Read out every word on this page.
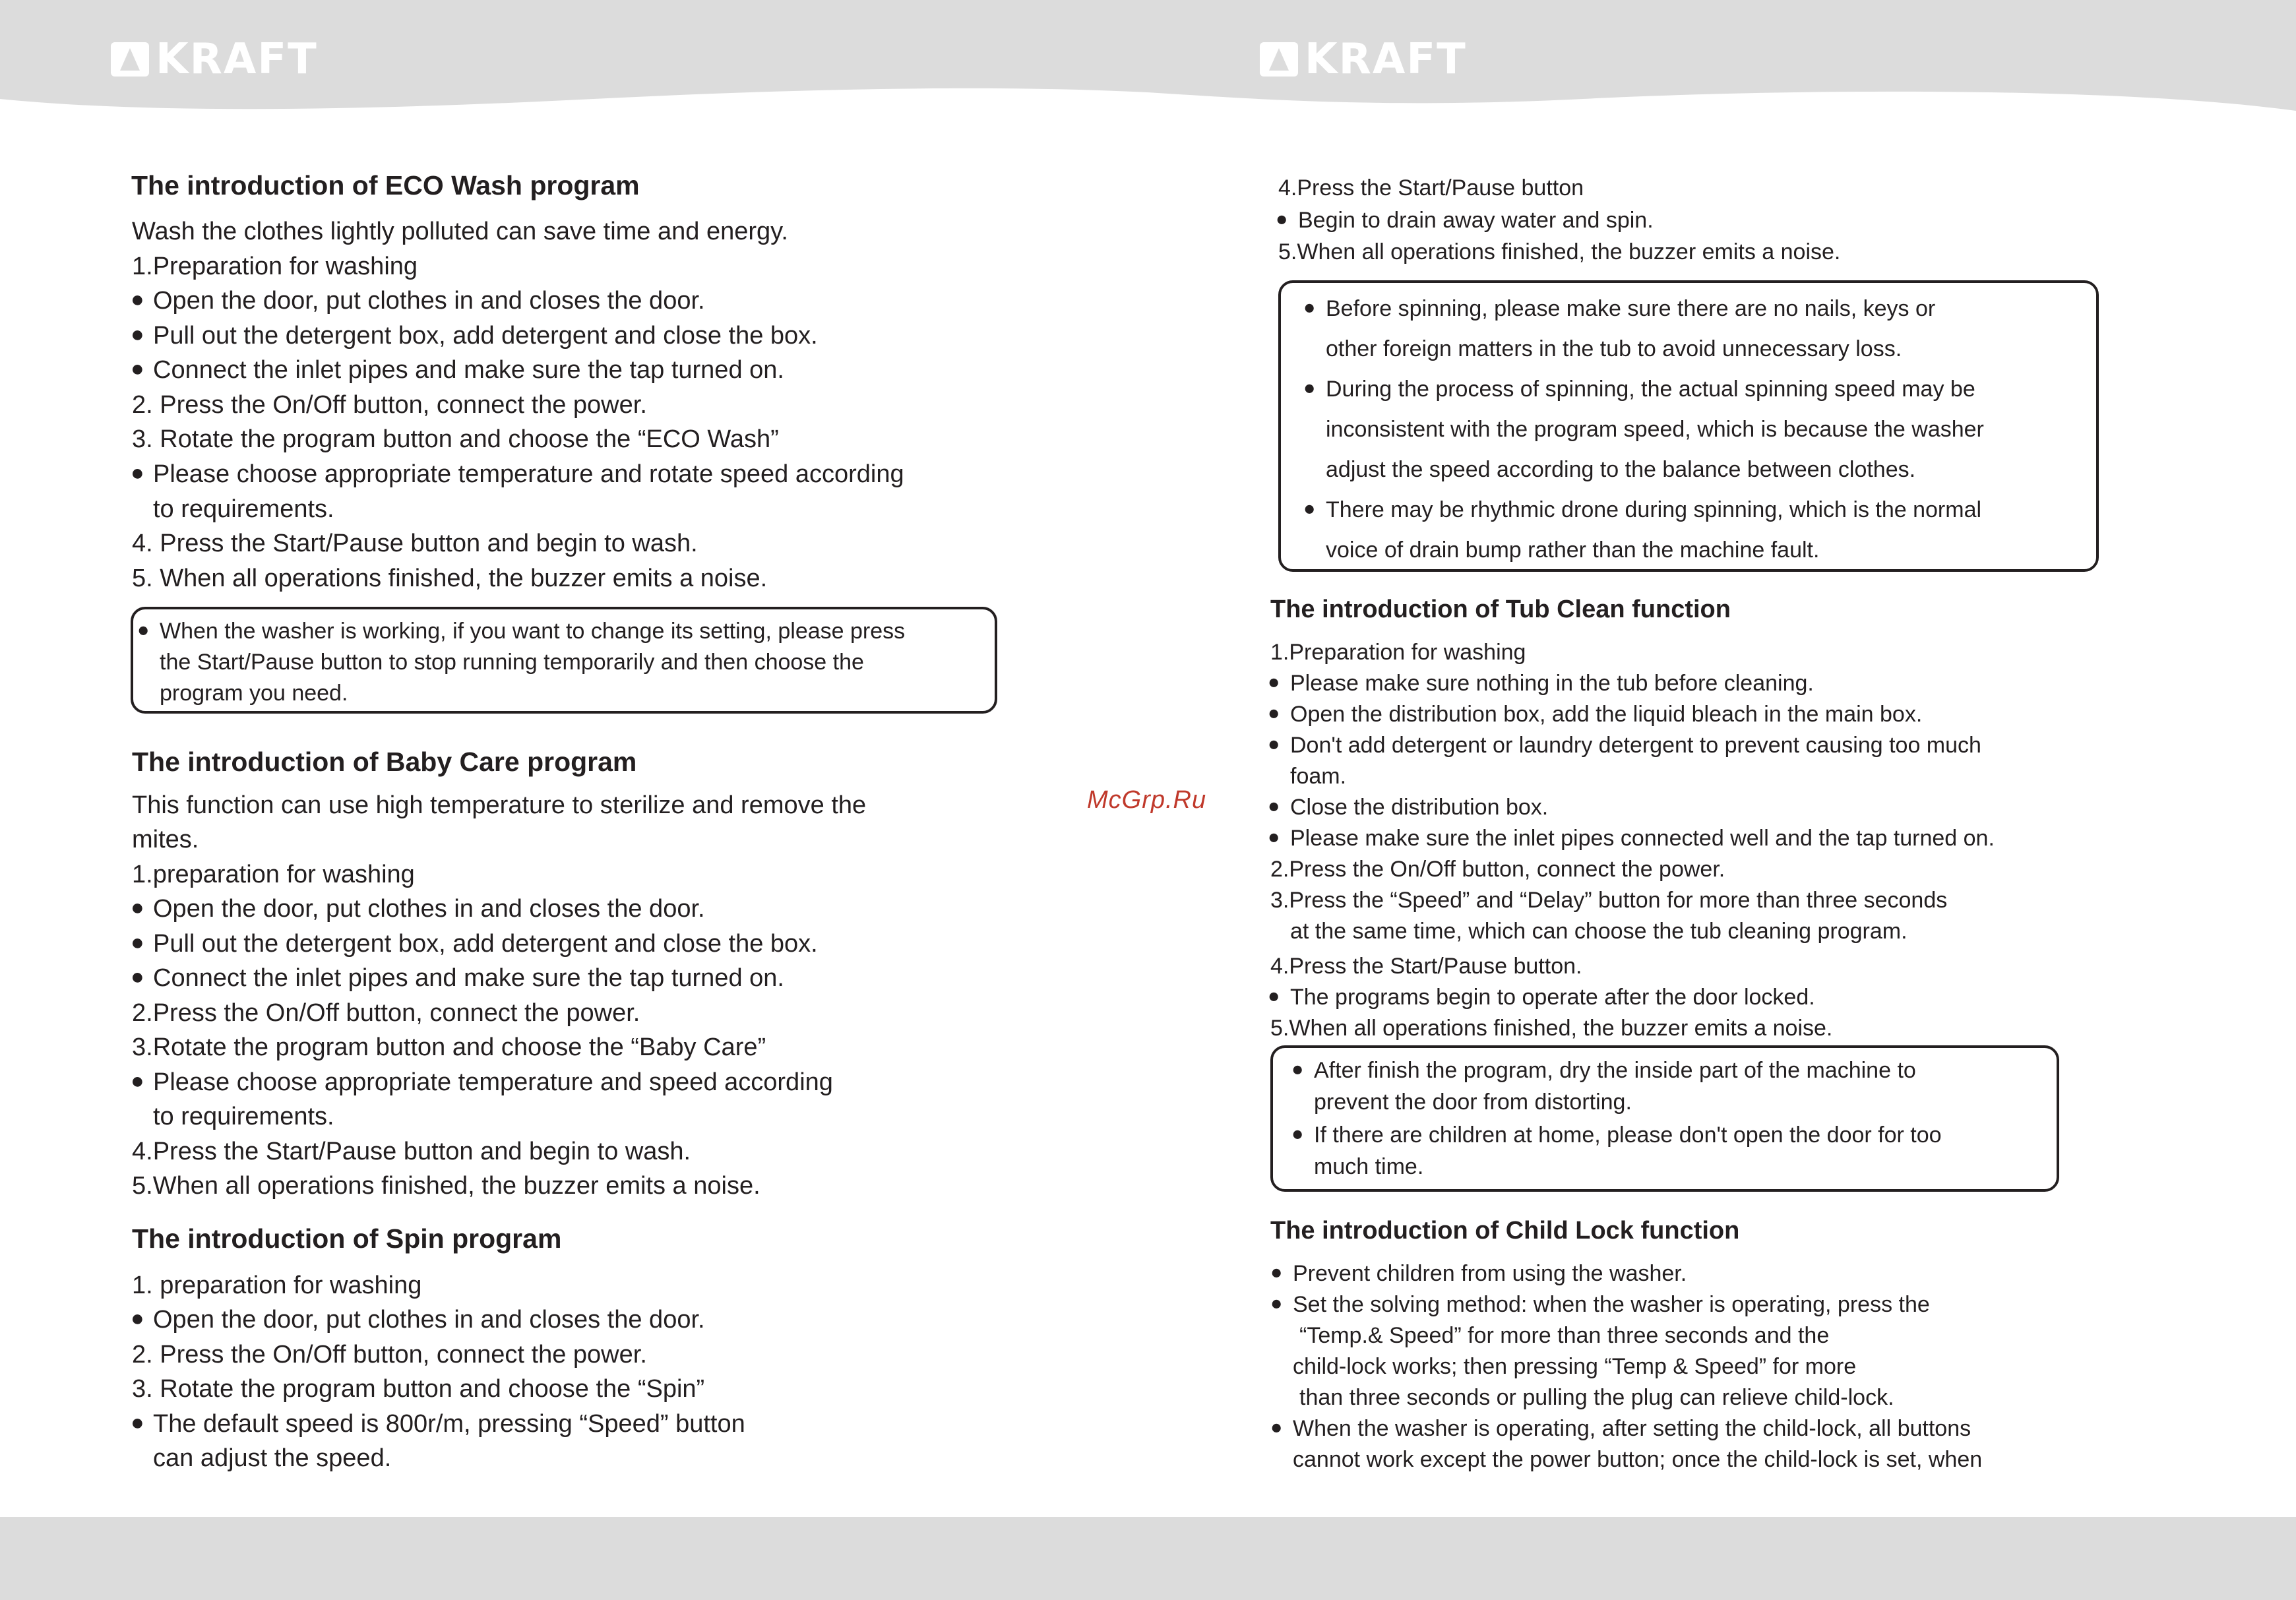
KRAFT	KRAFT
McGrp.Ru
The introduction of ECO Wash program
Wash the clothes lightly polluted can save time and energy.
1.Preparation for washing
● Open the door, put clothes in and closes the door.
● Pull out the detergent box, add detergent and close the box.
● Connect the inlet pipes and make sure the tap turned on.
2. Press the On/Off button, connect the power.
3. Rotate the program button and choose the “ECO Wash”
● Please choose appropriate temperature and rotate speed according
to requirements.
4. Press the Start/Pause button and begin to wash.
5. When all operations finished, the buzzer emits a noise.
● When the washer is working, if you want to change its setting, please press
the Start/Pause button to stop running temporarily and then choose the
program you need.
The introduction of Baby Care program
This function can use high temperature to sterilize and remove the
mites.
1.preparation for washing
● Open the door, put clothes in and closes the door.
● Pull out the detergent box, add detergent and close the box.
● Connect the inlet pipes and make sure the tap turned on.
2.Press the On/Off button, connect the power.
3.Rotate the program button and choose the “Baby Care”
● Please choose appropriate temperature and speed according
to requirements.
4.Press the Start/Pause button and begin to wash.
5.When all operations finished, the buzzer emits a noise.
The introduction of Spin program
1. preparation for washing
● Open the door, put clothes in and closes the door.
2. Press the On/Off button, connect the power.
3. Rotate the program button and choose the “Spin”
● The default speed is 800r/m, pressing “Speed” button
can adjust the speed.
4.Press the Start/Pause button
● Begin to drain away water and spin.
5.When all operations finished, the buzzer emits a noise.
● Before spinning, please make sure there are no nails, keys or
other foreign matters in the tub to avoid unnecessary loss.
● During the process of spinning, the actual spinning speed may be
inconsistent with the program speed, which is because the washer
adjust the speed according to the balance between clothes.
● There may be rhythmic drone during spinning, which is the normal
voice of drain bump rather than the machine fault.
The introduction of Tub Clean function
1.Preparation for washing
● Please make sure nothing in the tub before cleaning.
● Open the distribution box, add the liquid bleach in the main box.
● Don't add detergent or laundry detergent to prevent causing too much
foam.
● Close the distribution box.
● Please make sure the inlet pipes connected well and the tap turned on.
2.Press the On/Off button, connect the power.
3.Press the “Speed” and “Delay” button for more than three seconds
at the same time, which can choose the tub cleaning program.
4.Press the Start/Pause button.
● The programs begin to operate after the door locked.
5.When all operations finished, the buzzer emits a noise.
● After finish the program, dry the inside part of the machine to
prevent the door from distorting.
● If there are children at home, please don't open the door for too
much time.
The introduction of Child Lock function
● Prevent children from using the washer.
● Set the solving method: when the washer is operating, press the
“Temp.& Speed” for more than three seconds and the
child-lock works; then pressing “Temp & Speed” for more
than three seconds or pulling the plug can relieve child-lock.
● When the washer is operating, after setting the child-lock, all buttons
cannot work except the power button; once the child-lock is set, when
